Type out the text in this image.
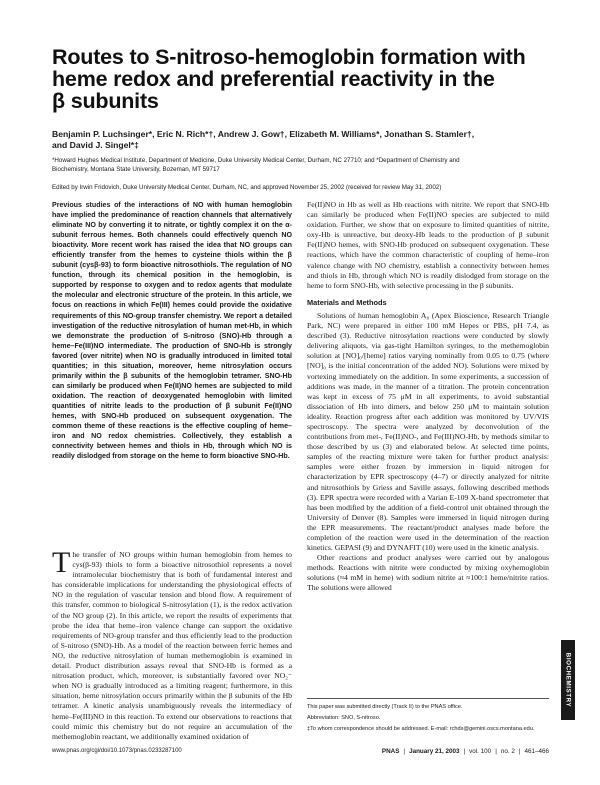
Routes to S-nitroso-hemoglobin formation with
heme redox and preferential reactivity in the
β subunits
Benjamin P. Luchsinger*, Eric N. Rich*†, Andrew J. Gow†, Elizabeth M. Williams*, Jonathan S. Stamler†,
and David J. Singel*‡
*Howard Hughes Medical Institute, Department of Medicine, Duke University Medical Center, Durham, NC 27710; and *Department of Chemistry and
Biochemistry, Montana State University, Bozeman, MT 59717
Edited by Irwin Fridovich, Duke University Medical Center, Durham, NC, and approved November 25, 2002 (received for review May 31, 2002)
Previous studies of the interactions of NO with human hemoglobin have implied the predominance of reaction channels that alternatively eliminate NO by converting it to nitrate, or tightly complex it on the α-subunit ferrous hemes. Both channels could effectively quench NO bioactivity. More recent work has raised the idea that NO groups can efficiently transfer from the hemes to cysteine thiols within the β subunit (cysβ-93) to form bioactive nitrosothiols. The regulation of NO function, through its chemical position in the hemoglobin, is supported by response to oxygen and to redox agents that modulate the molecular and electronic structure of the protein. In this article, we focus on reactions in which Fe(III) hemes could provide the oxidative requirements of this NO-group transfer chemistry. We report a detailed investigation of the reductive nitrosylation of human met-Hb, in which we demonstrate the production of S-nitroso (SNO)-Hb through a heme–Fe(III)NO intermediate. The production of SNO-Hb is strongly favored (over nitrite) when NO is gradually introduced in limited total quantities; in this situation, moreover, heme nitrosylation occurs primarily within the β subunits of the hemoglobin tetramer. SNO-Hb can similarly be produced when Fe(II)NO hemes are subjected to mild oxidation. The reaction of deoxygenated hemoglobin with limited quantities of nitrite leads to the production of β subunit Fe(II)NO hemes, with SNO-Hb produced on subsequent oxygenation. The common theme of these reactions is the effective coupling of heme–iron and NO redox chemistries. Collectively, they establish a connectivity between hemes and thiols in Hb, through which NO is readily dislodged from storage on the heme to form bioactive SNO-Hb.
The transfer of NO groups within human hemoglobin from hemes to cys(β-93) thiols to form a bioactive nitrosothiol represents a novel intramolecular biochemistry that is both of fundamental interest and has considerable implications for understanding the physiological effects of NO in the regulation of vascular tension and blood flow. A requirement of this transfer, common to biological S-nitrosylation (1), is the redox activation of the NO group (2). In this article, we report the results of experiments that probe the idea that heme–iron valence change can support the oxidative requirements of NO-group transfer and thus efficiently lead to the production of S-nitroso (SNO)-Hb. As a model of the reaction between ferric hemes and NO, the reductive nitrosylation of human methemoglobin is examined in detail. Product distribution assays reveal that SNO-Hb is formed as a nitrosation product, which, moreover, is substantially favored over NO₂⁻ when NO is gradually introduced as a limiting reagent; furthermore, in this situation, heme nitrosylation occurs primarily within the β subunits of the Hb tetramer. A kinetic analysis unambiguously reveals the intermediacy of heme–Fe(III)NO in this reaction. To extend our observations to reactions that could mimic this chemistry but do not require an accumulation of the methemoglobin reactant, we additionally examined oxidation of

Fe(II)NO in Hb as well as Hb reactions with nitrite. We report that SNO-Hb can similarly be produced when Fe(II)NO species are subjected to mild oxidation. Further, we show that on exposure to limited quantities of nitrite, oxy-Hb is unreactive, but deoxy-Hb leads to the production of β subunit Fe(II)NO hemes, with SNO-Hb produced on subsequent oxygenation. These reactions, which have the common characteristic of coupling of heme–iron valence change with NO chemistry, establish a connectivity between hemes and thiols in Hb, through which NO is readily dislodged from storage on the heme to form SNO-Hb, with selective processing in the β subunits.

Materials and Methods

Solutions of human hemoglobin A₀ (Apex Bioscience, Research Triangle Park, NC) were prepared in either 100 mM Hepes or PBS, pH 7.4, as described (3). Reductive nitrosylation reactions were conducted by slowly delivering aliquots, via gas-tight Hamilton syringes, to the methemoglobin solution at [NO]₀/[heme] ratios varying nominally from 0.05 to 0.75 (where [NO]₀ is the initial concentration of the added NO). Solutions were mixed by vortexing immediately on the addition. In some experiments, a succession of additions was made, in the manner of a titration. The protein concentration was kept in excess of 75 μM in all experiments, to avoid substantial dissociation of Hb into dimers, and below 250 μM to maintain solution ideality. Reaction progress after each addition was monitored by UV/VIS spectroscopy. The spectra were analyzed by deconvolution of the contributions from met-, Fe(II)NO-, and Fe(III)NO-Hb, by methods similar to those described by us (3) and elaborated below. At selected time points, samples of the reacting mixture were taken for further product analysis: samples were either frozen by immersion in liquid nitrogen for characterization by EPR spectroscopy (4–7) or directly analyzed for nitrite and nitrosothiols by Griess and Saville assays, following described methods (3). EPR spectra were recorded with a Varian E-109 X-band spectrometer that has been modified by the addition of a field-control unit obtained through the University of Denver (8). Samples were immersed in liquid nitrogen during the EPR measurements. The reactant/product analyses made before the completion of the reaction were used in the determination of the reaction kinetics. GEPASI (9) and DYNAFIT (10) were used in the kinetic analysis.

Other reactions and product analyses were carried out by analogous methods. Reactions with nitrite were conducted by mixing oxyhemoglobin solutions (≈4 mM in heme) with sodium nitrite at ≈100:1 heme/nitrite ratios. The solutions were allowed

This paper was submitted directly (Track II) to the PNAS office.
Abbreviation: SNO, S-nitroso.
‡To whom correspondence should be addressed. E-mail: rchdx@gemini.oscs.montana.edu.
www.pnas.org/cgi/doi/10.1073/pnas.0233287100	PNAS | January 21, 2003 | vol. 100 | no. 2 | 461–466
BIOCHEMISTRY
